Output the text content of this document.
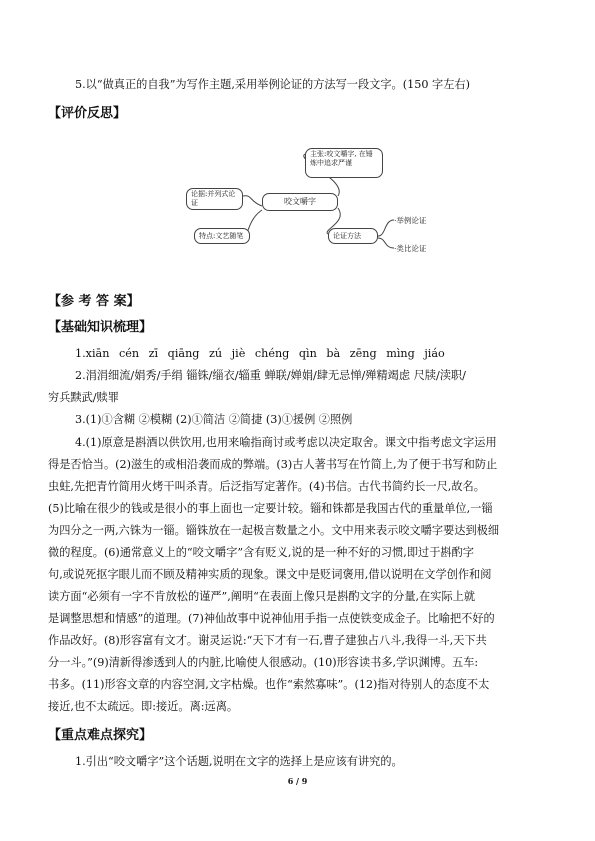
5.以“做真正的自我”为写作主题,采用举例论证的方法写一段文字。(150 字左右)
【评价反思】
咬文嚼字
主张:咬文嚼字, 在锤炼中追求严谨
论据:并列式论证
特点:文艺随笔	论证方法
·举例论证
·类比论证
【参 考 答 案】
【基础知识梳理】
1.xiān cén zī qiāng zú jiè chéng qìn bà zēng mìng jiáo
2.涓涓细流/娟秀/手绢 锱铢/缁衣/辎重 蝉联/婵娟/肆无忌惮/殚精竭虑 尺牍/渎职/
穷兵黩武/赎罪
3.(1)①含糊 ②模糊 (2)①简洁 ②简捷 (3)①援例 ②照例
4.(1)原意是斟酒以供饮用,也用来喻指商讨或考虑以决定取舍。课文中指考虑文字运用
得是否恰当。(2)滋生的或相沿袭而成的弊端。(3)古人著书写在竹简上,为了便于书写和防止
虫蛀,先把青竹简用火烤干叫杀青。后泛指写定著作。(4)书信。古代书简约长一尺,故名。
(5)比喻在很少的钱或是很小的事上面也一定要计较。锱和铢都是我国古代的重量单位,一锱
为四分之一两,六铢为一锱。锱铢放在一起极言数量之小。文中用来表示咬文嚼字要达到极细
微的程度。(6)通常意义上的“咬文嚼字”含有贬义,说的是一种不好的习惯,即过于斟酌字
句,或说死抠字眼儿而不顾及精神实质的现象。课文中是贬词褒用,借以说明在文学创作和阅
读方面“必须有一字不肯放松的谨严”,阐明“在表面上像只是斟酌文字的分量,在实际上就
是调整思想和情感”的道理。(7)神仙故事中说神仙用手指一点使铁变成金子。比喻把不好的
作品改好。(8)形容富有文才。谢灵运说:“天下才有一石,曹子建独占八斗,我得一斗,天下共
分一斗。”(9)清新得渗透到人的内脏,比喻使人很感动。(10)形容读书多,学识渊博。五车:
书多。(11)形容文章的内容空洞,文字枯燥。也作“索然寡味”。(12)指对待别人的态度不太
接近,也不太疏远。即:接近。离:远离。
【重点难点探究】
1.引出“咬文嚼字”这个话题,说明在文字的选择上是应该有讲究的。
6 / 9
